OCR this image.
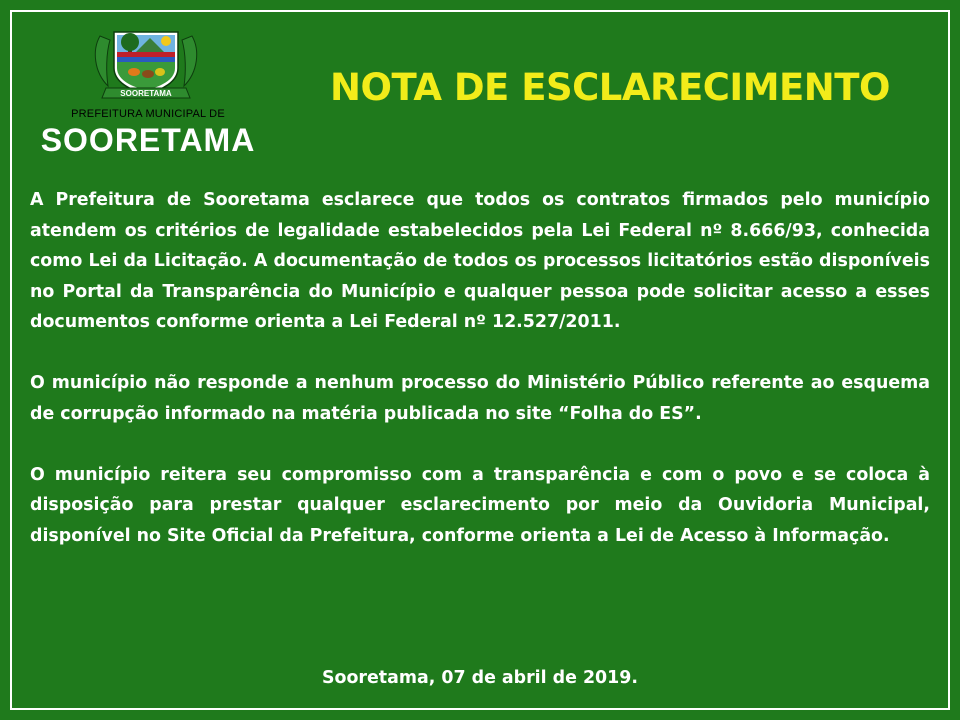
SOORETAMA
PREFEITURA MUNICIPAL DE
SOORETAMA
NOTA DE ESCLARECIMENTO

A Prefeitura de Sooretama esclarece que todos os contratos firmados pelo município atendem os critérios de legalidade estabelecidos pela Lei Federal nº 8.666/93, conhecida como Lei da Licitação. A documentação de todos os processos licitatórios estão disponíveis no Portal da Transparência do Município e qualquer pessoa pode solicitar acesso a esses documentos conforme orienta a Lei Federal nº 12.527/2011.

O município não responde a nenhum processo do Ministério Público referente ao esquema de corrupção informado na matéria publicada no site “Folha do ES”.

O município reitera seu compromisso com a transparência e com o povo e se coloca à disposição para prestar qualquer esclarecimento por meio da Ouvidoria Municipal, disponível no Site Oficial da Prefeitura, conforme orienta a Lei de Acesso à Informação.

Sooretama, 07 de abril de 2019.
